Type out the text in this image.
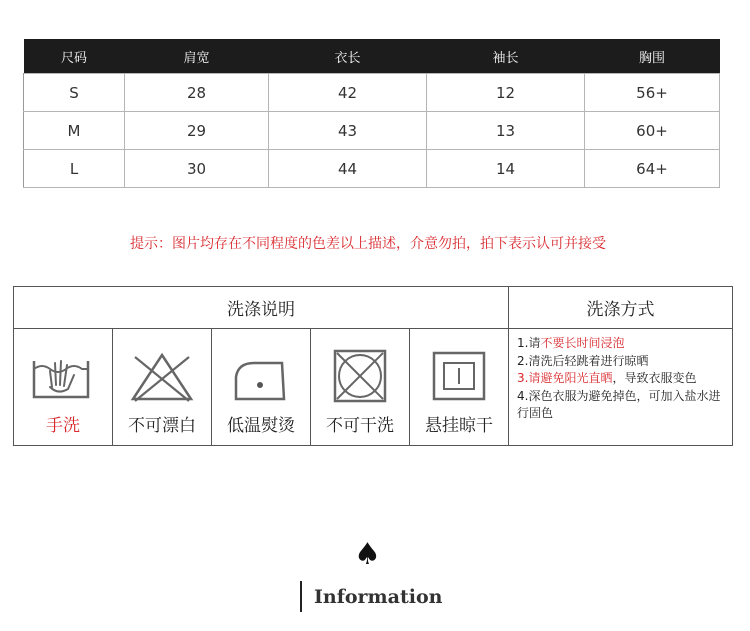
尺码	肩宽	衣长	袖长	胸围
S	28	42	12	56+
M	29	43	13	60+
L	30	44	14	64+
提示：图片均存在不同程度的色差以上描述，介意勿拍，拍下表示认可并接受
洗涤说明	洗涤方式
手洗	不可漂白	低温熨烫	不可干洗	悬挂晾干
1.请不要长时间浸泡
2.清洗后轻跳着进行晾晒
3.请避免阳光直晒，导致衣服变色
4.深色衣服为避免掉色，可加入盐水进行固色
♠
Information
